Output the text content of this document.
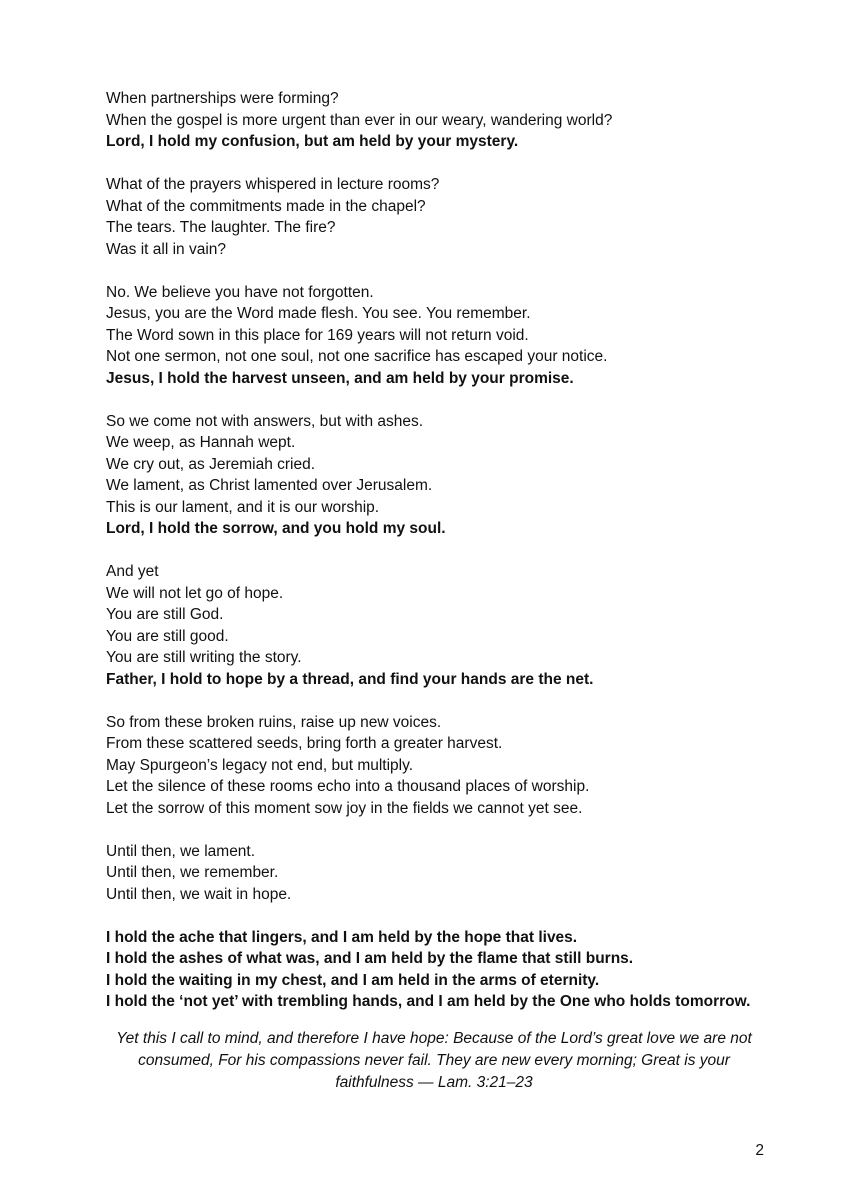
When partnerships were forming?
When the gospel is more urgent than ever in our weary, wandering world?
Lord, I hold my confusion, but am held by your mystery.
What of the prayers whispered in lecture rooms?
What of the commitments made in the chapel?
The tears. The laughter. The fire?
Was it all in vain?
No. We believe you have not forgotten.
Jesus, you are the Word made flesh. You see. You remember.
The Word sown in this place for 169 years will not return void.
Not one sermon, not one soul, not one sacrifice has escaped your notice.
Jesus, I hold the harvest unseen, and am held by your promise.
So we come not with answers, but with ashes.
We weep, as Hannah wept.
We cry out, as Jeremiah cried.
We lament, as Christ lamented over Jerusalem.
This is our lament, and it is our worship.
Lord, I hold the sorrow, and you hold my soul.
And yet
We will not let go of hope.
You are still God.
You are still good.
You are still writing the story.
Father, I hold to hope by a thread, and find your hands are the net.
So from these broken ruins, raise up new voices.
From these scattered seeds, bring forth a greater harvest.
May Spurgeon’s legacy not end, but multiply.
Let the silence of these rooms echo into a thousand places of worship.
Let the sorrow of this moment sow joy in the fields we cannot yet see.
Until then, we lament.
Until then, we remember.
Until then, we wait in hope.
I hold the ache that lingers, and I am held by the hope that lives.
I hold the ashes of what was, and I am held by the flame that still burns.
I hold the waiting in my chest, and I am held in the arms of eternity.
I hold the ‘not yet’ with trembling hands, and I am held by the One who holds tomorrow.
Yet this I call to mind, and therefore I have hope: Because of the Lord’s great love we are not
consumed, For his compassions never fail. They are new every morning; Great is your
faithfulness — Lam. 3:21–23
2
